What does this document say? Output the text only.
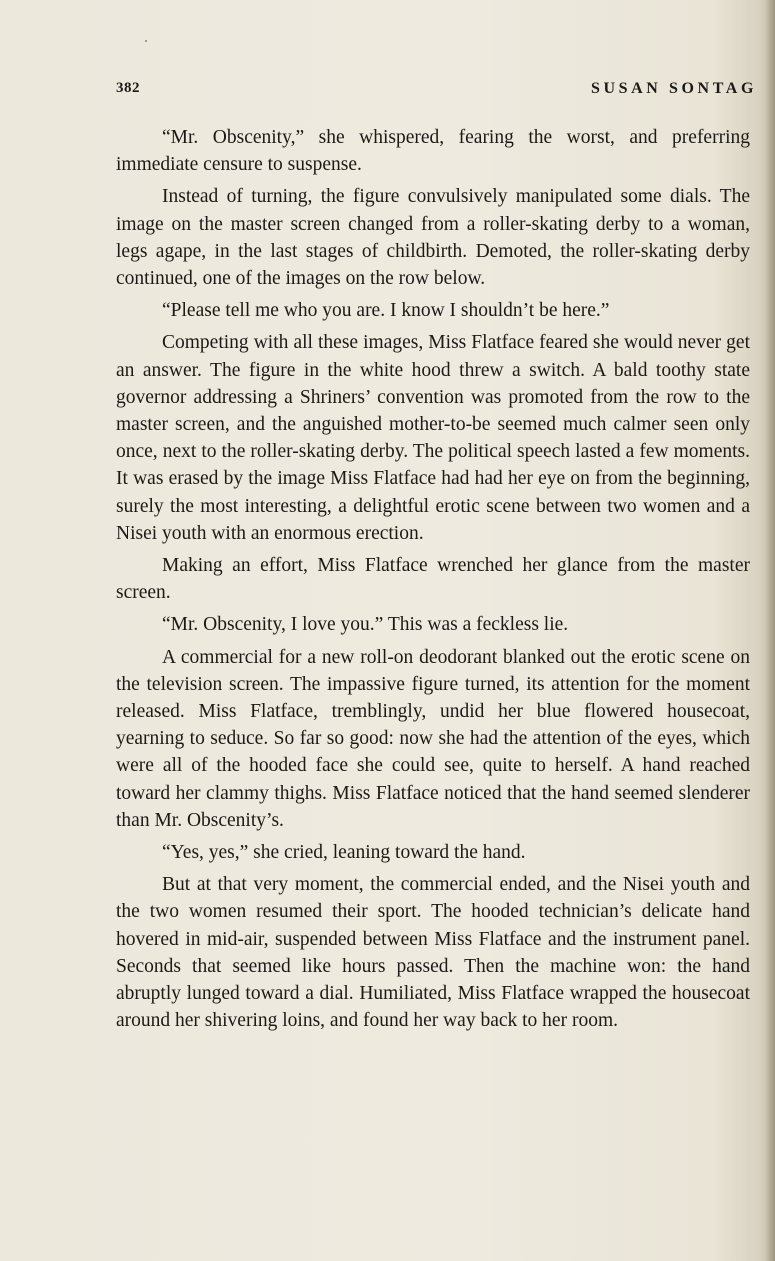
382	SUSAN SONTAG

“Mr. Obscenity,” she whispered, fearing the worst, and preferring immediate censure to suspense.

Instead of turning, the figure convulsively manipulated some dials. The image on the master screen changed from a roller-skating derby to a woman, legs agape, in the last stages of childbirth. Demoted, the roller-skating derby continued, one of the images on the row below.

“Please tell me who you are. I know I shouldn’t be here.”

Competing with all these images, Miss Flatface feared she would never get an answer. The figure in the white hood threw a switch. A bald toothy state governor addressing a Shriners’ convention was promoted from the row to the master screen, and the anguished mother-to-be seemed much calmer seen only once, next to the roller-skating derby. The political speech lasted a few moments. It was erased by the image Miss Flatface had had her eye on from the beginning, surely the most interesting, a delightful erotic scene between two women and a Nisei youth with an enormous erection.

Making an effort, Miss Flatface wrenched her glance from the master screen.

“Mr. Obscenity, I love you.” This was a feckless lie.

A commercial for a new roll-on deodorant blanked out the erotic scene on the television screen. The impassive figure turned, its attention for the moment released. Miss Flatface, tremblingly, undid her blue flowered housecoat, yearning to seduce. So far so good: now she had the attention of the eyes, which were all of the hooded face she could see, quite to herself. A hand reached toward her clammy thighs. Miss Flatface noticed that the hand seemed slenderer than Mr. Obscenity’s.

“Yes, yes,” she cried, leaning toward the hand.

But at that very moment, the commercial ended, and the Nisei youth and the two women resumed their sport. The hooded technician’s delicate hand hovered in mid-air, suspended between Miss Flatface and the instrument panel. Seconds that seemed like hours passed. Then the machine won: the hand abruptly lunged toward a dial. Humiliated, Miss Flatface wrapped the housecoat around her shivering loins, and found her way back to her room.
